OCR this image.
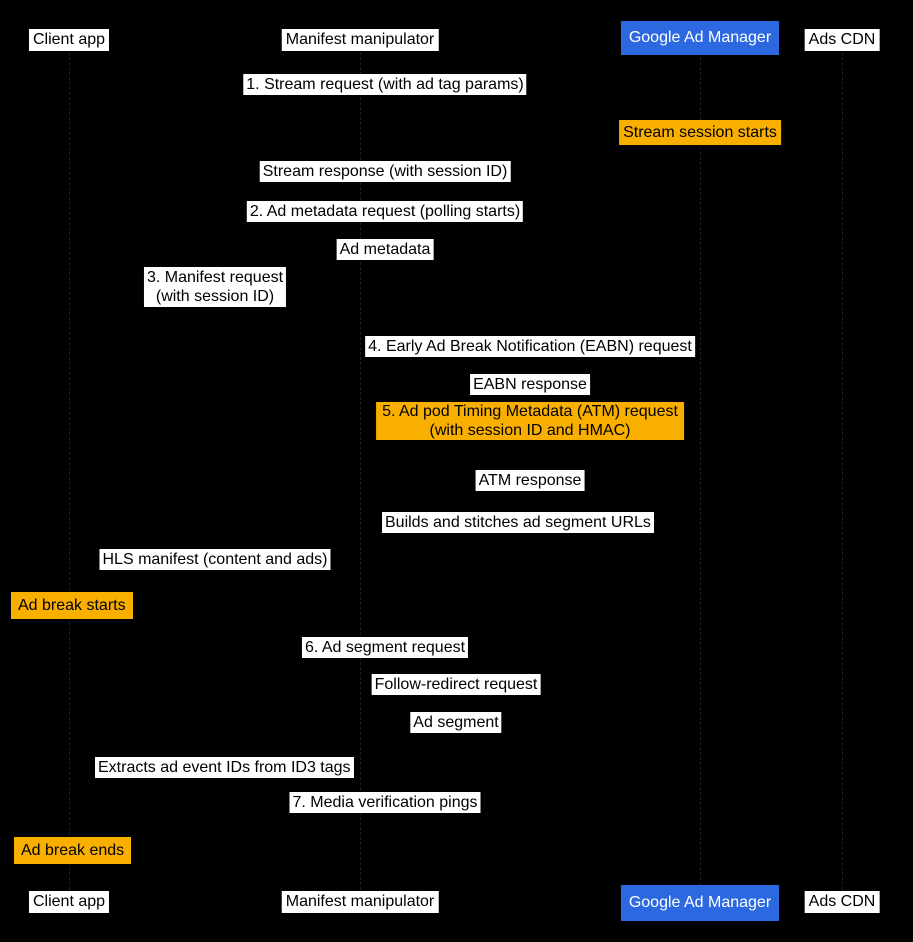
Client app	Manifest manipulator	Google Ad Manager	Ads CDN
1. Stream request (with ad tag params)
Stream session starts
Stream response (with session ID)
2. Ad metadata request (polling starts)
Ad metadata
3. Manifest request
(with session ID)
4. Early Ad Break Notification (EABN) request
EABN response
5. Ad pod Timing Metadata (ATM) request
(with session ID and HMAC)
ATM response
Builds and stitches ad segment URLs
HLS manifest (content and ads)
Ad break starts
6. Ad segment request
Follow-redirect request
Ad segment
Extracts ad event IDs from ID3 tags
7. Media verification pings
Ad break ends
Client app	Manifest manipulator	Google Ad Manager	Ads CDN
